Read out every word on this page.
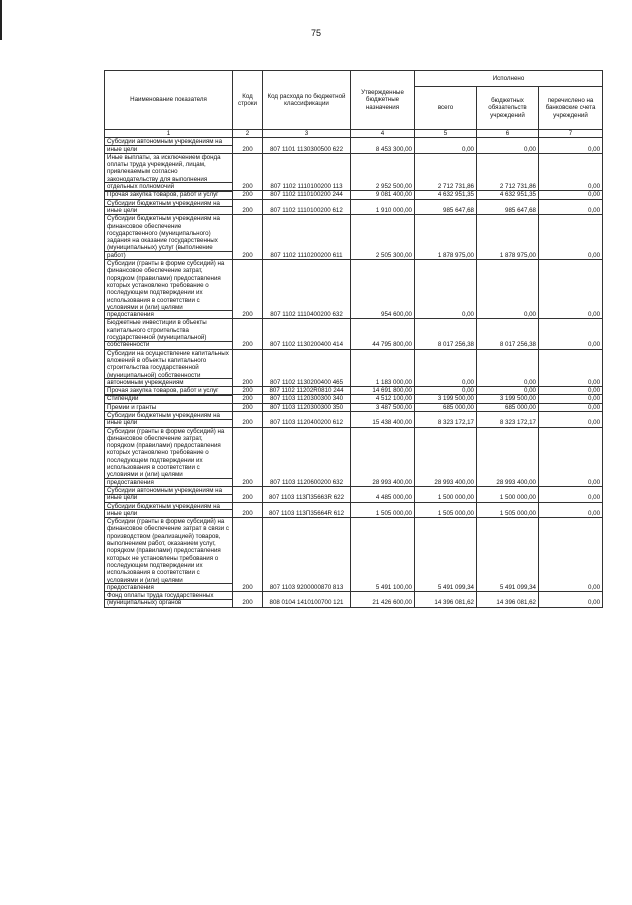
75
Наименование показателя	Код строки	Код расхода по бюджетной классификации	Утвержденные бюджетные назначения	Исполнено		
				всего	бюджетных обязательств учреждений	перечислено на банковские счета учреждений
1	2	3	4	5	6	7
Субсидии автономным учреждениям на иные цели	200	807 1101 1130300500 622	8 453 300,00	0,00	0,00	0,00
Иные выплаты, за исключением фонда оплаты труда учреждений, лицам, привлекаемым согласно законодательству для выполнения отдельных полномочий	200	807 1102 1110100200 113	2 952 500,00	2 712 731,86	2 712 731,86	0,00
Прочая закупка товаров, работ и услуг	200	807 1102 1110100200 244	9 081 400,00	4 632 951,35	4 632 951,35	0,00
Субсидии бюджетным учреждениям на иные цели	200	807 1102 1110100200 612	1 910 000,00	985 647,68	985 647,68	0,00
Субсидии бюджетным учреждениям на финансовое обеспечение государственного (муниципального) задания на оказание государственных (муниципальных) услуг (выполнение работ)	200	807 1102 1110200200 611	2 505 300,00	1 878 975,00	1 878 975,00	0,00
Субсидии (гранты в форме субсидий) на финансовое обеспечение затрат, порядком (правилами) предоставления которых установлено требование о последующем подтверждении их использования в соответствии с условиями и (или) целями предоставления	200	807 1102 1110400200 632	954 600,00	0,00	0,00	0,00
Бюджетные инвестиции в объекты капитального строительства государственной (муниципальной) собственности	200	807 1102 1130200400 414	44 795 800,00	8 017 256,38	8 017 256,38	0,00
Субсидии на осуществление капитальных вложений в объекты капитального строительства государственной (муниципальной) собственности автономным учреждениям	200	807 1102 1130200400 465	1 183 000,00	0,00	0,00	0,00
Прочая закупка товаров, работ и услуг	200	807 1102 11202R0810 244	14 691 800,00	0,00	0,00	0,00
Стипендии	200	807 1103 1120300300 340	4 512 100,00	3 199 500,00	3 199 500,00	0,00
Премии и гранты	200	807 1103 1120300300 350	3 487 500,00	685 000,00	685 000,00	0,00
Субсидии бюджетным учреждениям на иные цели	200	807 1103 1120400200 612	15 438 400,00	8 323 172,17	8 323 172,17	0,00
Субсидии (гранты в форме субсидий) на финансовое обеспечение затрат, порядком (правилами) предоставления которых установлено требование о последующем подтверждении их использования в соответствии с условиями и (или) целями предоставления	200	807 1103 1120600200 632	28 993 400,00	28 993 400,00	28 993 400,00	0,00
Субсидии автономным учреждениям на иные цели	200	807 1103 113П35663R 622	4 485 000,00	1 500 000,00	1 500 000,00	0,00
Субсидии бюджетным учреждениям на иные цели	200	807 1103 113П35664R 612	1 505 000,00	1 505 000,00	1 505 000,00	0,00
Субсидии (гранты в форме субсидий) на финансовое обеспечение затрат в связи с производством (реализацией) товаров, выполнением работ, оказанием услуг, порядком (правилами) предоставления которых не установлены требования о последующем подтверждении их использования в соответствии с условиями и (или) целями предоставления	200	807 1103 9200000870 813	5 491 100,00	5 491 099,34	5 491 099,34	0,00
Фонд оплаты труда государственных (муниципальных) органов	200	808 0104 1410100700 121	21 426 600,00	14 396 081,62	14 396 081,62	0,00
